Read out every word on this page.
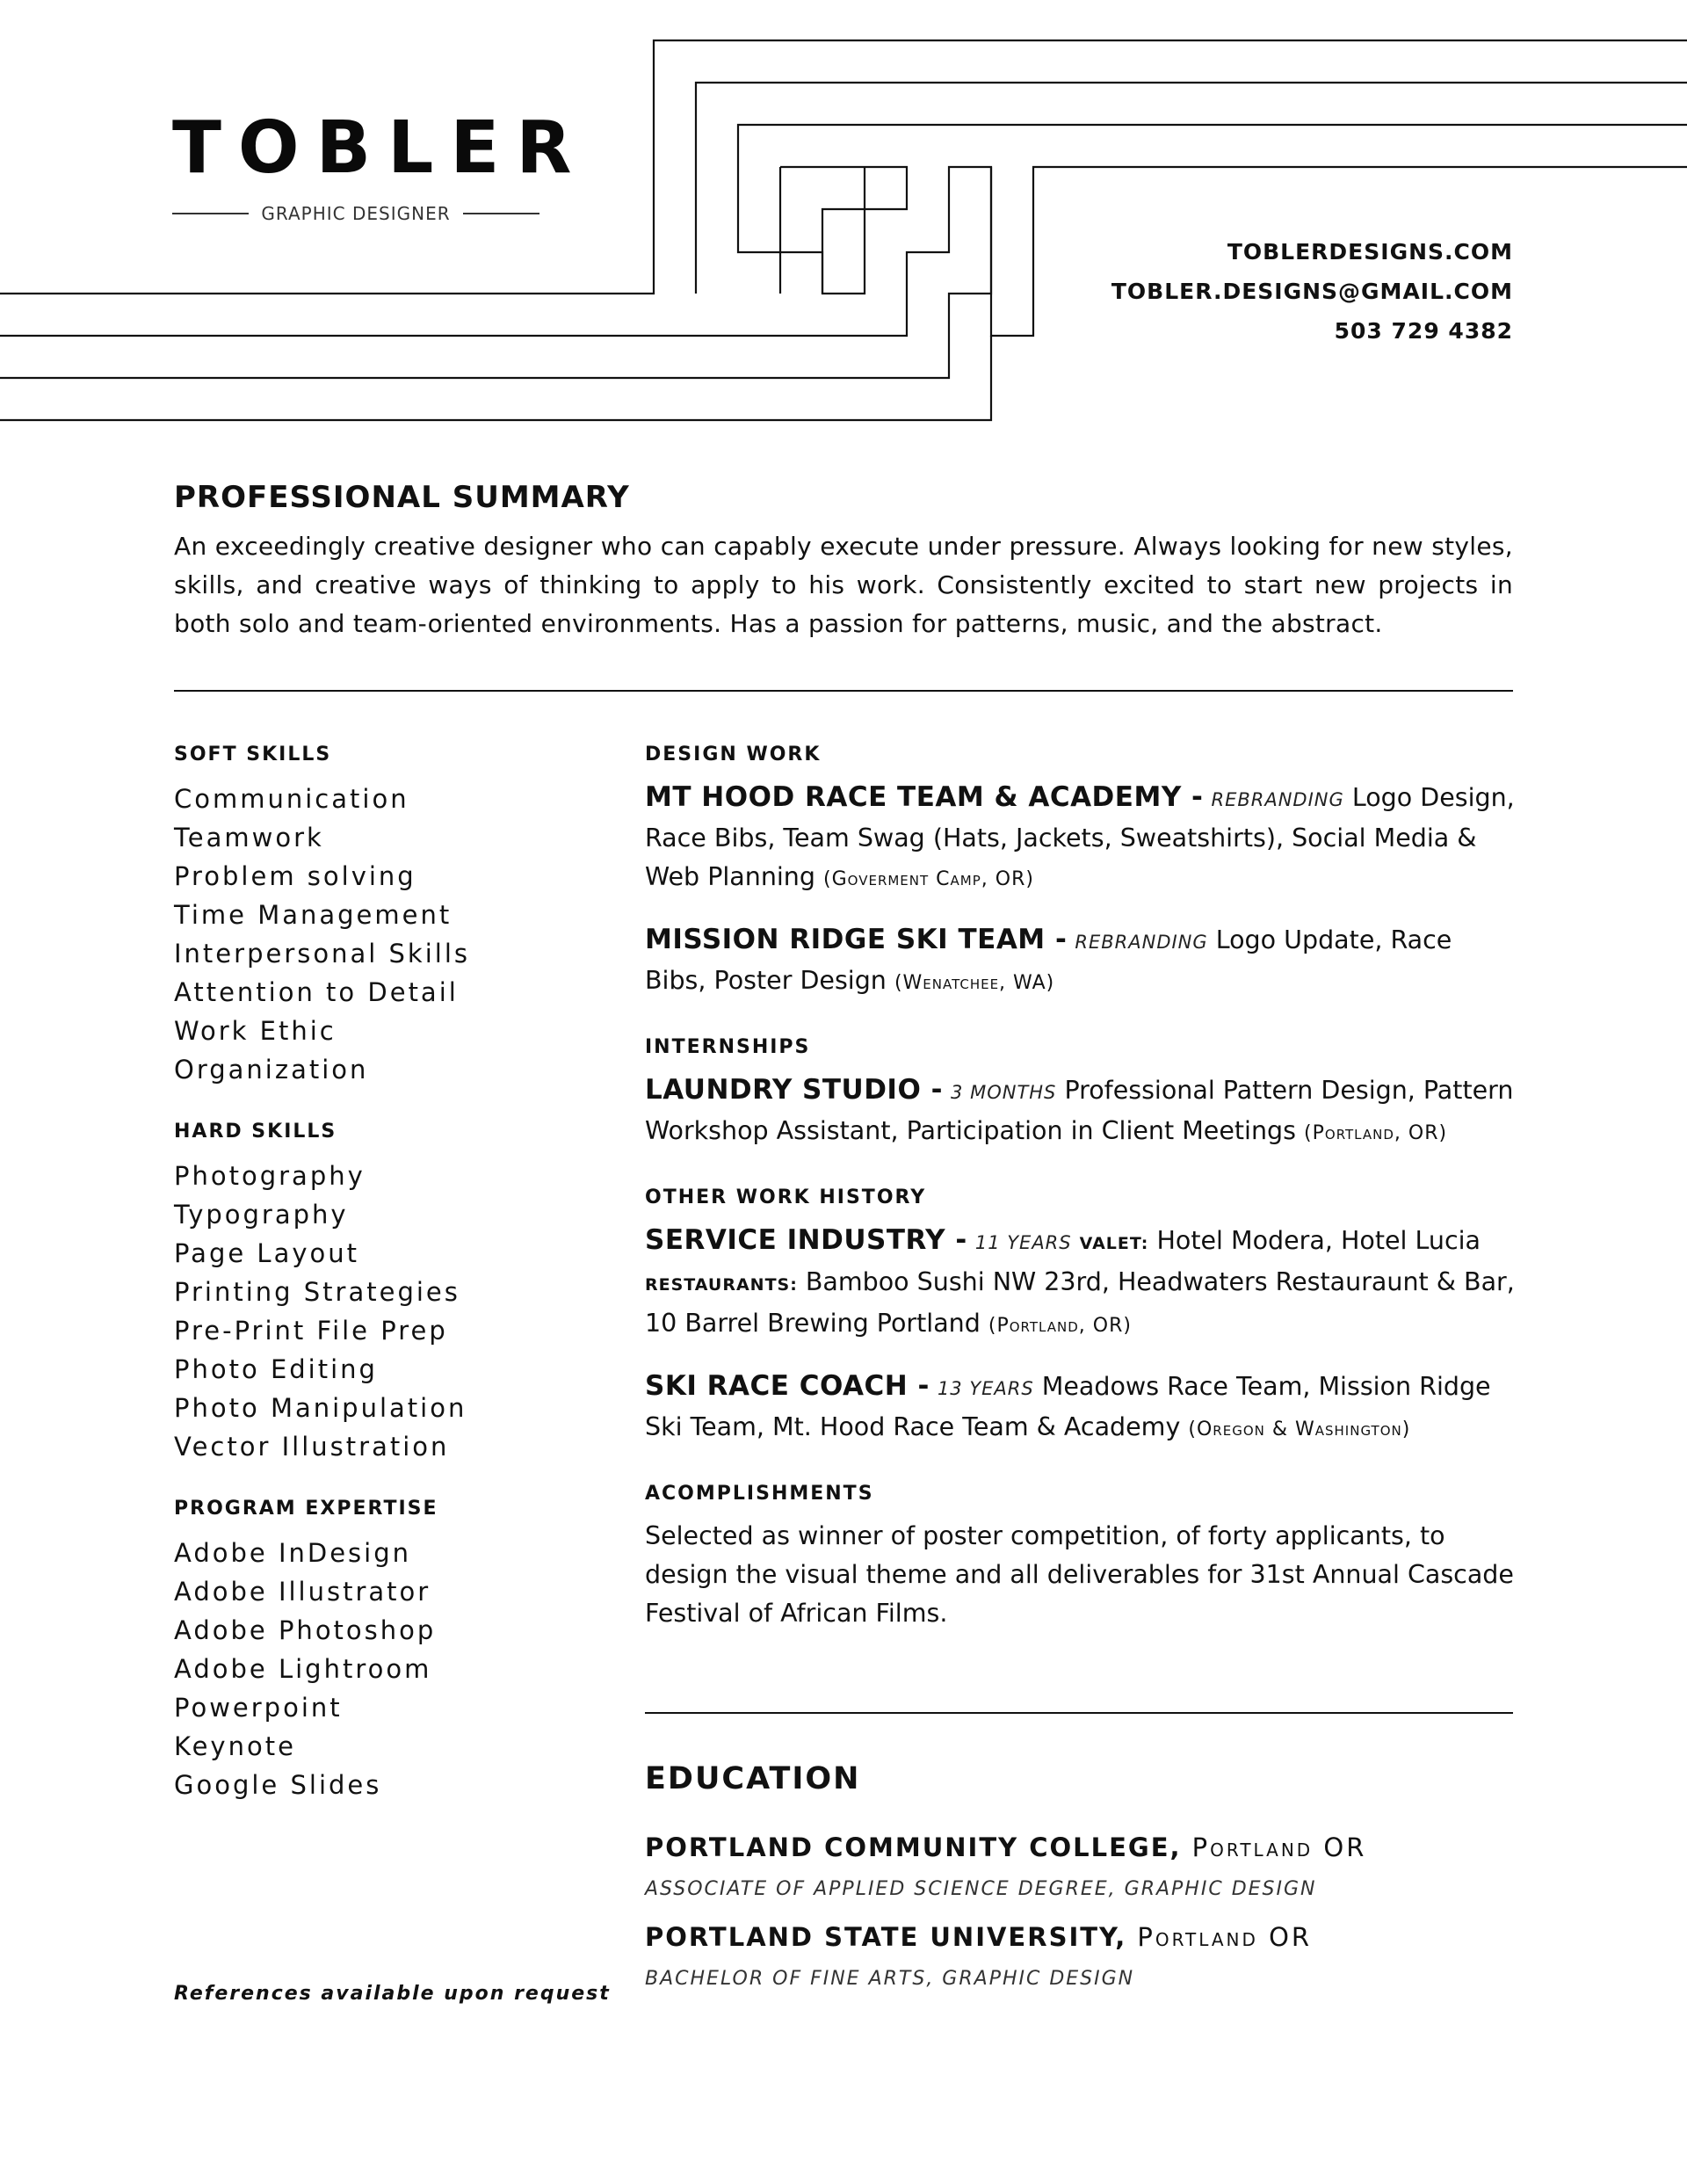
TOBLER
GRAPHIC DESIGNER
TOBLERDESIGNS.COM
TOBLER.DESIGNS@GMAIL.COM
503 729 4382
PROFESSIONAL SUMMARY

An exceedingly creative designer who can capably execute under pressure. Always looking for new styles, skills, and creative ways of thinking to apply to his work. Consistently excited to start new projects in both solo and team-oriented environments. Has a passion for patterns, music, and the abstract.

SOFT SKILLS
Communication
Teamwork
Problem solving
Time Management
Interpersonal Skills
Attention to Detail
Work Ethic
Organization
HARD SKILLS
Photography
Typography
Page Layout
Printing Strategies
Pre-Print File Prep
Photo Editing
Photo Manipulation
Vector Illustration
PROGRAM EXPERTISE
Adobe InDesign
Adobe Illustrator
Adobe Photoshop
Adobe Lightroom
Powerpoint
Keynote
Google Slides
References available upon request
DESIGN WORK

MT HOOD RACE TEAM & ACADEMY - REBRANDING Logo Design, Race Bibs, Team Swag (Hats, Jackets, Sweatshirts), Social Media & Web Planning (Goverment Camp, OR)

MISSION RIDGE SKI TEAM - REBRANDING Logo Update, Race Bibs, Poster Design (Wenatchee, WA)

INTERNSHIPS

LAUNDRY STUDIO - 3 MONTHS Professional Pattern Design, Pattern Workshop Assistant, Participation in Client Meetings (Portland, OR)

OTHER WORK HISTORY

SERVICE INDUSTRY - 11 YEARS VALET: Hotel Modera, Hotel Lucia
RESTAURANTS: Bamboo Sushi NW 23rd, Headwaters Restauraunt & Bar, 10 Barrel Brewing Portland (Portland, OR)

SKI RACE COACH - 13 YEARS Meadows Race Team, Mission Ridge Ski Team, Mt. Hood Race Team & Academy (Oregon & Washington)

ACOMPLISHMENTS

Selected as winner of poster competition, of forty applicants, to design the visual theme and all deliverables for 31st Annual Cascade Festival of African Films.

EDUCATION
PORTLAND COMMUNITY COLLEGE, Portland OR
ASSOCIATE OF APPLIED SCIENCE DEGREE, GRAPHIC DESIGN
PORTLAND STATE UNIVERSITY, Portland OR
BACHELOR OF FINE ARTS, GRAPHIC DESIGN
